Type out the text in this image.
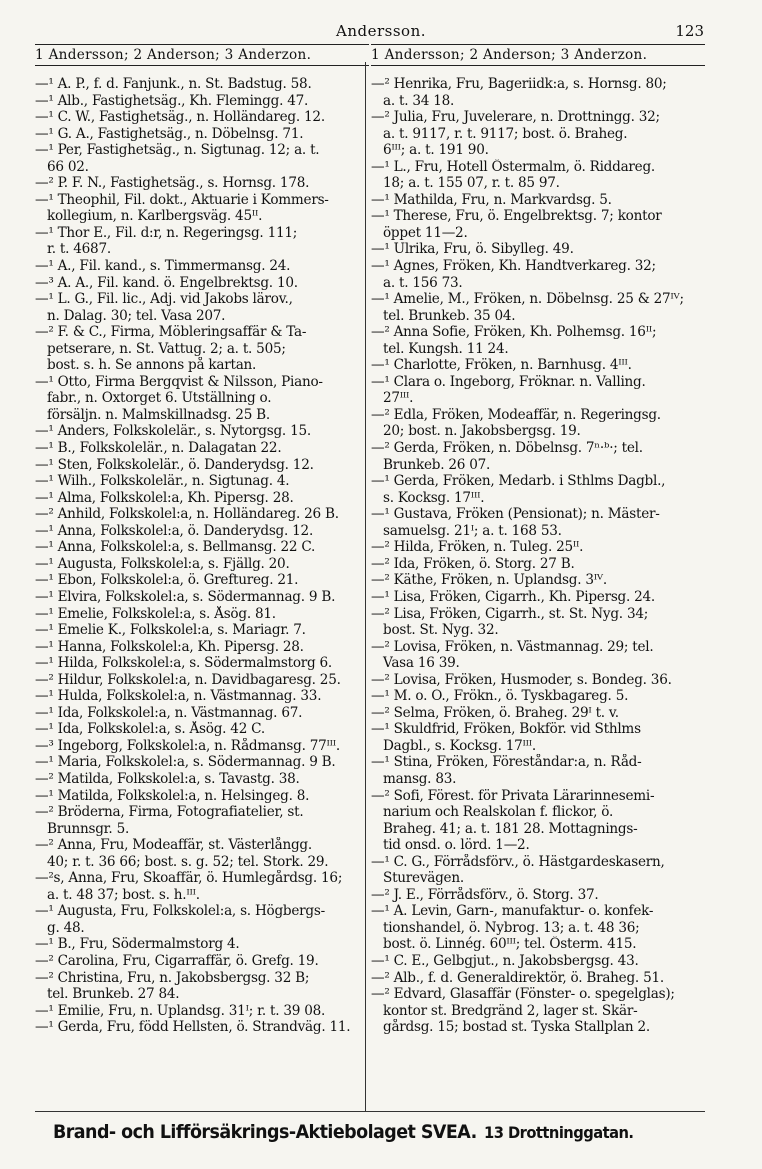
Andersson.	123
1 Andersson; 2 Anderson; 3 Anderzon.
—¹ A. P., f. d. Fanjunk., n. St. Badstug. 58.
—¹ Alb., Fastighetsäg., Kh. Flemingg. 47.
—¹ C. W., Fastighetsäg., n. Holländareg. 12.
—¹ G. A., Fastighetsäg., n. Döbelnsg. 71.
—¹ Per, Fastighetsäg., n. Sigtunag. 12; a. t.
66 02.
—² P. F. N., Fastighetsäg., s. Hornsg. 178.
—¹ Theophil, Fil. dokt., Aktuarie i Kommers-
kollegium, n. Karlbergsväg. 45ᴵᴵ.
—¹ Thor E., Fil. d:r, n. Regeringsg. 111;
r. t. 4687.
—¹ A., Fil. kand., s. Timmermansg. 24.
—³ A. A., Fil. kand. ö. Engelbrektsg. 10.
—¹ L. G., Fil. lic., Adj. vid Jakobs lärov.,
n. Dalag. 30; tel. Vasa 207.
—² F. & C., Firma, Möbleringsaffär & Ta-
petserare, n. St. Vattug. 2; a. t. 505;
bost. s. h. Se annons på kartan.
—¹ Otto, Firma Bergqvist & Nilsson, Piano-
fabr., n. Oxtorget 6. Utställning o.
försäljn. n. Malmskillnadsg. 25 B.
—¹ Anders, Folkskolelär., s. Nytorgsg. 15.
—¹ B., Folkskolelär., n. Dalagatan 22.
—¹ Sten, Folkskolelär., ö. Danderydsg. 12.
—¹ Wilh., Folkskolelär., n. Sigtunag. 4.
—¹ Alma, Folkskolel:a, Kh. Pipersg. 28.
—² Anhild, Folkskolel:a, n. Holländareg. 26 B.
—¹ Anna, Folkskolel:a, ö. Danderydsg. 12.
—¹ Anna, Folkskolel:a, s. Bellmansg. 22 C.
—¹ Augusta, Folkskolel:a, s. Fjällg. 20.
—¹ Ebon, Folkskolel:a, ö. Greftureg. 21.
—¹ Elvira, Folkskolel:a, s. Södermannag. 9 B.
—¹ Emelie, Folkskolel:a, s. Åsög. 81.
—¹ Emelie K., Folkskolel:a, s. Mariagr. 7.
—¹ Hanna, Folkskolel:a, Kh. Pipersg. 28.
—¹ Hilda, Folkskolel:a, s. Södermalmstorg 6.
—² Hildur, Folkskolel:a, n. Davidbagaresg. 25.
—¹ Hulda, Folkskolel:a, n. Västmannag. 33.
—¹ Ida, Folkskolel:a, n. Västmannag. 67.
—¹ Ida, Folkskolel:a, s. Åsög. 42 C.
—³ Ingeborg, Folkskolel:a, n. Rådmansg. 77ᴵᴵᴵ.
—¹ Maria, Folkskolel:a, s. Södermannag. 9 B.
—² Matilda, Folkskolel:a, s. Tavastg. 38.
—¹ Matilda, Folkskolel:a, n. Helsingeg. 8.
—² Bröderna, Firma, Fotografiatelier, st.
Brunnsgr. 5.
—² Anna, Fru, Modeaffär, st. Västerlångg.
40; r. t. 36 66; bost. s. g. 52; tel. Stork. 29.
—²s, Anna, Fru, Skoaffär, ö. Humlegårdsg. 16;
a. t. 48 37; bost. s. h.ᴵᴵᴵ.
—¹ Augusta, Fru, Folkskolel:a, s. Högbergs-
g. 48.
—¹ B., Fru, Södermalmstorg 4.
—² Carolina, Fru, Cigarraffär, ö. Grefg. 19.
—² Christina, Fru, n. Jakobsbergsg. 32 B;
tel. Brunkeb. 27 84.
—¹ Emilie, Fru, n. Uplandsg. 31ᴵ; r. t. 39 08.
—¹ Gerda, Fru, född Hellsten, ö. Strandväg. 11.
1 Andersson; 2 Anderson; 3 Anderzon.
—² Henrika, Fru, Bageriidk:a, s. Hornsg. 80;
a. t. 34 18.
—² Julia, Fru, Juvelerare, n. Drottningg. 32;
a. t. 9117, r. t. 9117; bost. ö. Braheg.
6ᴵᴵᴵ; a. t. 191 90.
—¹ L., Fru, Hotell Östermalm, ö. Riddareg.
18; a. t. 155 07, r. t. 85 97.
—¹ Mathilda, Fru, n. Markvardsg. 5.
—¹ Therese, Fru, ö. Engelbrektsg. 7; kontor
öppet 11—2.
—¹ Ulrika, Fru, ö. Sibylleg. 49.
—¹ Agnes, Fröken, Kh. Handtverkareg. 32;
a. t. 156 73.
—¹ Amelie, M., Fröken, n. Döbelnsg. 25 & 27ᴵⱽ;
tel. Brunkeb. 35 04.
—² Anna Sofie, Fröken, Kh. Polhemsg. 16ᴵᴵ;
tel. Kungsh. 11 24.
—¹ Charlotte, Fröken, n. Barnhusg. 4ᴵᴵᴵ.
—¹ Clara o. Ingeborg, Fröknar. n. Valling.
27ᴵᴵᴵ.
—² Edla, Fröken, Modeaffär, n. Regeringsg.
20; bost. n. Jakobsbergsg. 19.
—² Gerda, Fröken, n. Döbelnsg. 7ⁿ·ᵇ·; tel.
Brunkeb. 26 07.
—¹ Gerda, Fröken, Medarb. i Sthlms Dagbl.,
s. Kocksg. 17ᴵᴵᴵ.
—¹ Gustava, Fröken (Pensionat); n. Mäster-
samuelsg. 21ᴵ; a. t. 168 53.
—² Hilda, Fröken, n. Tuleg. 25ᴵᴵ.
—² Ida, Fröken, ö. Storg. 27 B.
—² Käthe, Fröken, n. Uplandsg. 3ᴵⱽ.
—¹ Lisa, Fröken, Cigarrh., Kh. Pipersg. 24.
—² Lisa, Fröken, Cigarrh., st. St. Nyg. 34;
bost. St. Nyg. 32.
—² Lovisa, Fröken, n. Västmannag. 29; tel.
Vasa 16 39.
—² Lovisa, Fröken, Husmoder, s. Bondeg. 36.
—¹ M. o. O., Frökn., ö. Tyskbagareg. 5.
—² Selma, Fröken, ö. Braheg. 29ᴵ t. v.
—¹ Skuldfrid, Fröken, Bokför. vid Sthlms
Dagbl., s. Kocksg. 17ᴵᴵᴵ.
—¹ Stina, Fröken, Föreståndar:a, n. Råd-
mansg. 83.
—² Sofi, Förest. för Privata Lärarinnesemi-
narium och Realskolan f. flickor, ö.
Braheg. 41; a. t. 181 28. Mottagnings-
tid onsd. o. lörd. 1—2.
—¹ C. G., Förrådsförv., ö. Hästgardeskasern,
Sturevägen.
—² J. E., Förrådsförv., ö. Storg. 37.
—¹ A. Levin, Garn-, manufaktur- o. konfek-
tionshandel, ö. Nybrog. 13; a. t. 48 36;
bost. ö. Linnég. 60ᴵᴵᴵ; tel. Österm. 415.
—¹ C. E., Gelbgjut., n. Jakobsbergsg. 43.
—² Alb., f. d. Generaldirektör, ö. Braheg. 51.
—² Edvard, Glasaffär (Fönster- o. spegelglas);
kontor st. Bredgränd 2, lager st. Skär-
gårdsg. 15; bostad st. Tyska Stallplan 2.
Brand- och Lifförsäkrings-Aktiebolaget SVEA. 13 Drottninggatan.
